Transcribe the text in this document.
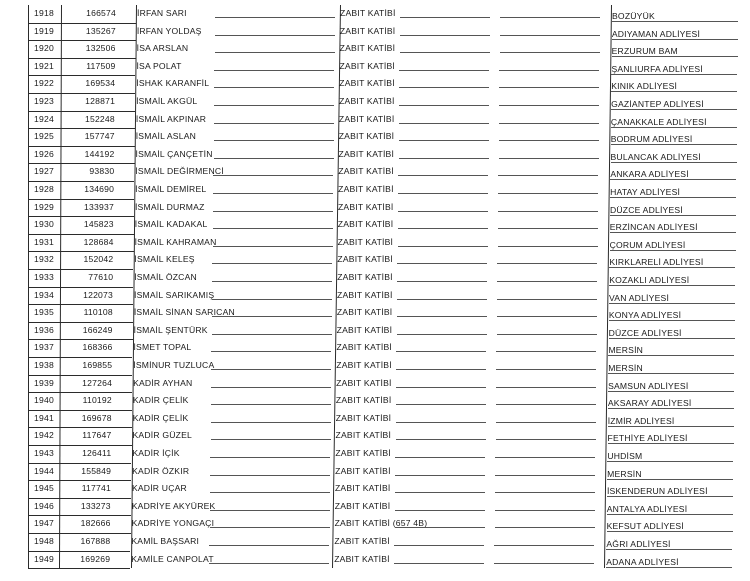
1918	166574	İRFAN SARI	ZABIT KATİBİ	BOZÜYÜK
1919	135267	İRFAN YOLDAŞ	ZABIT KATİBİ	ADIYAMAN ADLİYESİ
1920	132506	İSA ARSLAN	ZABIT KATİBİ	ERZURUM BAM
1921	117509	İSA POLAT	ZABIT KATİBİ	ŞANLIURFA ADLİYESİ
1922	169534	İSHAK KARANFİL	ZABIT KATİBİ	KINIK ADLİYESİ
1923	128871	İSMAİL AKGÜL	ZABIT KATİBİ	GAZİANTEP ADLİYESİ
1924	152248	İSMAİL AKPINAR	ZABIT KATİBİ	ÇANAKKALE ADLİYESİ
1925	157747	İSMAİL ASLAN	ZABIT KATİBİ	BODRUM ADLİYESİ
1926	144192	İSMAİL ÇANÇETİN	ZABIT KATİBİ	BULANCAK ADLİYESİ
1927	93830	İSMAİL DEĞİRMENCİ	ZABIT KATİBİ	ANKARA ADLİYESİ
1928	134690	İSMAİL DEMİREL	ZABIT KATİBİ	HATAY ADLİYESİ
1929	133937	İSMAİL DURMAZ	ZABIT KATİBİ	DÜZCE ADLİYESİ
1930	145823	İSMAİL KADAKAL	ZABIT KATİBİ	ERZİNCAN ADLİYESİ
1931	128684	İSMAİL KAHRAMAN	ZABIT KATİBİ	ÇORUM ADLİYESİ
1932	152042	İSMAİL KELEŞ	ZABIT KATİBİ	KIRKLARELİ ADLİYESİ
1933	77610	İSMAİL ÖZCAN	ZABIT KATİBİ	KOZAKLI ADLİYESİ
1934	122073	İSMAİL SARIKAMIŞ	ZABIT KATİBİ	VAN ADLİYESİ
1935	110108	İSMAİL SİNAN SARICAN	ZABIT KATİBİ	KONYA ADLİYESİ
1936	166249	İSMAİL ŞENTÜRK	ZABIT KATİBİ	DÜZCE ADLİYESİ
1937	168366	İSMET TOPAL	ZABIT KATİBİ	MERSİN
1938	169855	İSMİNUR TUZLUCA	ZABIT KATİBİ	MERSİN
1939	127264	KADİR AYHAN	ZABIT KATİBİ	SAMSUN ADLİYESİ
1940	110192	KADİR ÇELİK	ZABIT KATİBİ	AKSARAY ADLİYESİ
1941	169678	KADİR ÇELİK	ZABIT KATİBİ	İZMİR ADLİYESİ
1942	117647	KADİR GÜZEL	ZABIT KATİBİ	FETHİYE ADLİYESİ
1943	126411	KADİR İÇİK	ZABIT KATİBİ	UHDİSM
1944	155849	KADİR ÖZKIR	ZABIT KATİBİ	MERSİN
1945	117741	KADİR UÇAR	ZABIT KATİBİ	İSKENDERUN ADLİYESİ
1946	133273	KADRİYE AKYÜREK	ZABIT KATİBİ	ANTALYA ADLİYESİ
1947	182666	KADRİYE YONGAÇI	ZABIT KATİBİ (657 4B)	KEFSUT ADLİYESİ
1948	167888	KAMİL BAŞSARI	ZABIT KATİBİ	AĞRI ADLİYESİ
1949	169269	KAMİLE CANPOLAT	ZABIT KATİBİ	ADANA ADLİYESİ
